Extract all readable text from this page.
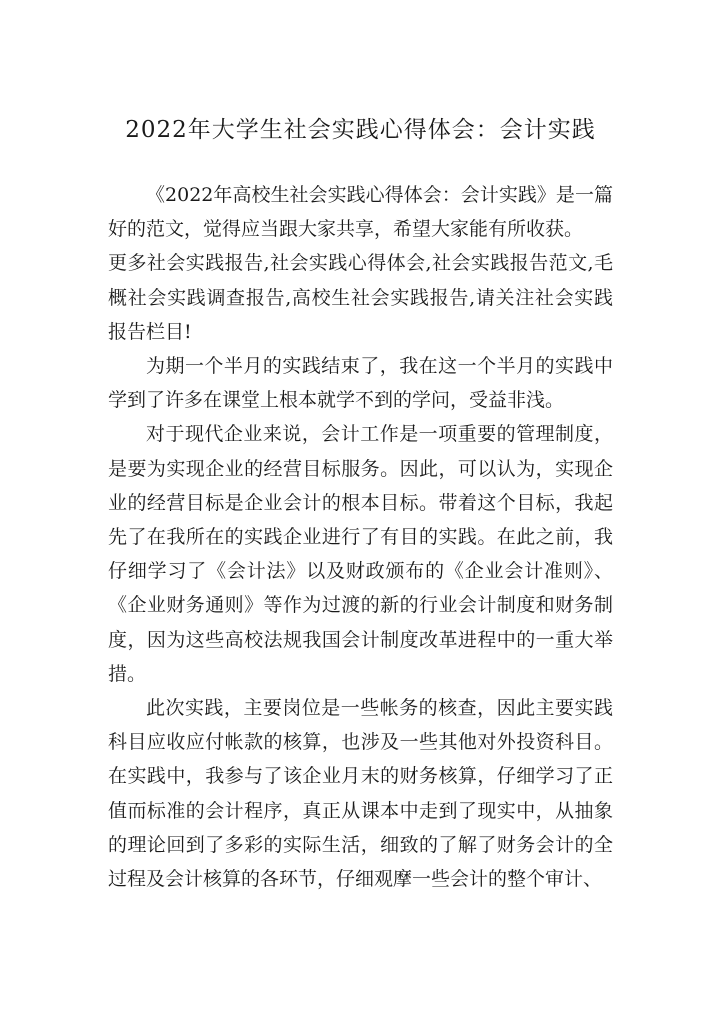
2022年大学生社会实践心得体会：会计实践

《2022年高校生社会实践心得体会：会计实践》是一篇好的范文，觉得应当跟大家共享，希望大家能有所收获。

更多社会实践报告,社会实践心得体会,社会实践报告范文,毛概社会实践调查报告,高校生社会实践报告,请关注社会实践报告栏目!

为期一个半月的实践结束了，我在这一个半月的实践中学到了许多在课堂上根本就学不到的学问，受益非浅。

对于现代企业来说，会计工作是一项重要的管理制度，是要为实现企业的经营目标服务。因此，可以认为，实现企业的经营目标是企业会计的根本目标。带着这个目标，我起先了在我所在的实践企业进行了有目的实践。在此之前，我仔细学习了《会计法》以及财政颁布的《企业会计准则》、《企业财务通则》等作为过渡的新的行业会计制度和财务制度，因为这些高校法规我国会计制度改革进程中的一重大举措。

此次实践，主要岗位是一些帐务的核查，因此主要实践科目应收应付帐款的核算，也涉及一些其他对外投资科目。在实践中，我参与了该企业月末的财务核算，仔细学习了正值而标准的会计程序，真正从课本中走到了现实中，从抽象的理论回到了多彩的实际生活，细致的了解了财务会计的全过程及会计核算的各环节，仔细观摩一些会计的整个审计、
